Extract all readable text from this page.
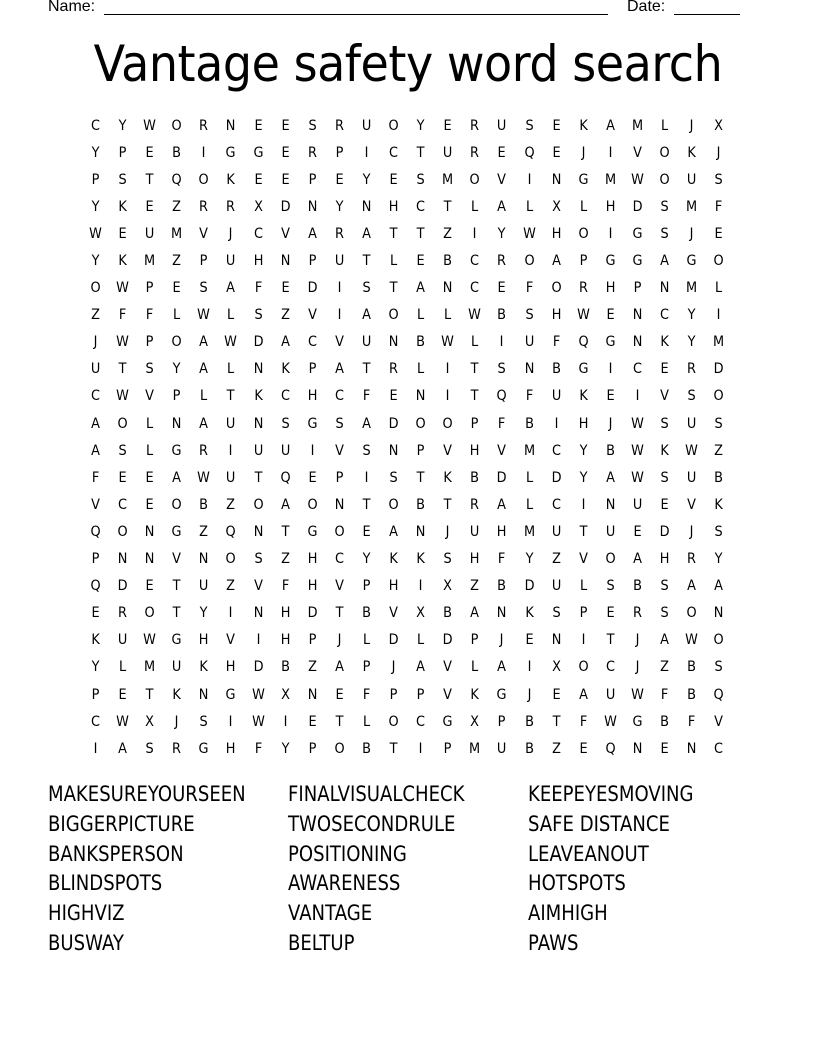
Name:	Date:
Vantage safety word search
C	Y	W	O	R	N	E	E	S	R	U	O	Y	E	R	U	S	E	K	A	M	L	J	X
Y	P	E	B	I	G	G	E	R	P	I	C	T	U	R	E	Q	E	J	I	V	O	K	J
P	S	T	Q	O	K	E	E	P	E	Y	E	S	M	O	V	I	N	G	M	W	O	U	S
Y	K	E	Z	R	R	X	D	N	Y	N	H	C	T	L	A	L	X	L	H	D	S	M	F
W	E	U	M	V	J	C	V	A	R	A	T	T	Z	I	Y	W	H	O	I	G	S	J	E
Y	K	M	Z	P	U	H	N	P	U	T	L	E	B	C	R	O	A	P	G	G	A	G	O
O	W	P	E	S	A	F	E	D	I	S	T	A	N	C	E	F	O	R	H	P	N	M	L
Z	F	F	L	W	L	S	Z	V	I	A	O	L	L	W	B	S	H	W	E	N	C	Y	I
J	W	P	O	A	W	D	A	C	V	U	N	B	W	L	I	U	F	Q	G	N	K	Y	M
U	T	S	Y	A	L	N	K	P	A	T	R	L	I	T	S	N	B	G	I	C	E	R	D
C	W	V	P	L	T	K	C	H	C	F	E	N	I	T	Q	F	U	K	E	I	V	S	O
A	O	L	N	A	U	N	S	G	S	A	D	O	O	P	F	B	I	H	J	W	S	U	S
A	S	L	G	R	I	U	U	I	V	S	N	P	V	H	V	M	C	Y	B	W	K	W	Z
F	E	E	A	W	U	T	Q	E	P	I	S	T	K	B	D	L	D	Y	A	W	S	U	B
V	C	E	O	B	Z	O	A	O	N	T	O	B	T	R	A	L	C	I	N	U	E	V	K
Q	O	N	G	Z	Q	N	T	G	O	E	A	N	J	U	H	M	U	T	U	E	D	J	S
P	N	N	V	N	O	S	Z	H	C	Y	K	K	S	H	F	Y	Z	V	O	A	H	R	Y
Q	D	E	T	U	Z	V	F	H	V	P	H	I	X	Z	B	D	U	L	S	B	S	A	A
E	R	O	T	Y	I	N	H	D	T	B	V	X	B	A	N	K	S	P	E	R	S	O	N
K	U	W	G	H	V	I	H	P	J	L	D	L	D	P	J	E	N	I	T	J	A	W	O
Y	L	M	U	K	H	D	B	Z	A	P	J	A	V	L	A	I	X	O	C	J	Z	B	S
P	E	T	K	N	G	W	X	N	E	F	P	P	V	K	G	J	E	A	U	W	F	B	Q
C	W	X	J	S	I	W	I	E	T	L	O	C	G	X	P	B	T	F	W	G	B	F	V
I	A	S	R	G	H	F	Y	P	O	B	T	I	P	M	U	B	Z	E	Q	N	E	N	C
MAKESUREYOURSEEN	FINALVISUALCHECK	KEEPEYESMOVING
BIGGERPICTURE	TWOSECONDRULE	SAFE DISTANCE
BANKSPERSON	POSITIONING	LEAVEANOUT
BLINDSPOTS	AWARENESS	HOTSPOTS
HIGHVIZ	VANTAGE	AIMHIGH
BUSWAY	BELTUP	PAWS
